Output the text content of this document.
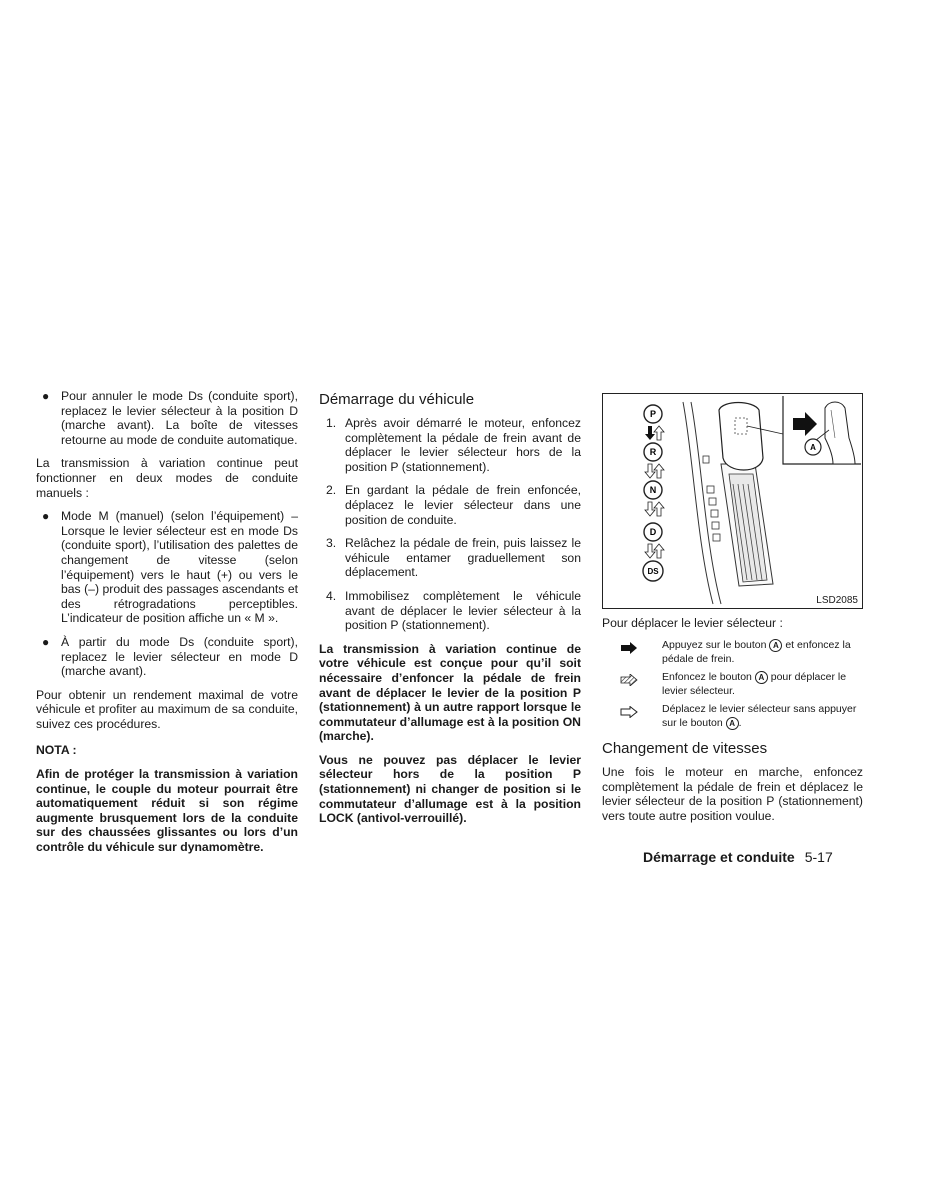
● Pour annuler le mode Ds (conduite sport), replacez le levier sélecteur à la position D (marche avant). La boîte de vitesses retourne au mode de conduite automatique.

La transmission à variation continue peut fonctionner en deux modes de conduite manuels :

● Mode M (manuel) (selon l’équipement) – Lorsque le levier sélecteur est en mode Ds (conduite sport), l’utilisation des palettes de changement de vitesse (selon l’équipement) vers le haut (+) ou vers le bas (–) produit des passages ascendants et des rétrogradations perceptibles. L’indicateur de position affiche un « M ».
● À partir du mode Ds (conduite sport), replacez le levier sélecteur en mode D (marche avant).

Pour obtenir un rendement maximal de votre véhicule et profiter au maximum de sa conduite, suivez ces procédures.

NOTA :

Afin de protéger la transmission à variation continue, le couple du moteur pourrait être automatiquement réduit si son régime augmente brusquement lors de la conduite sur des chaussées glissantes ou lors d’un contrôle du véhicule sur dynamomètre.

Démarrage du véhicule
1. Après avoir démarré le moteur, enfoncez complètement la pédale de frein avant de déplacer le levier sélecteur hors de la position P (stationnement).
2. En gardant la pédale de frein enfoncée, déplacez le levier sélecteur dans une position de conduite.
3. Relâchez la pédale de frein, puis laissez le véhicule entamer graduellement son déplacement.
4. Immobilisez complètement le véhicule avant de déplacer le levier sélecteur à la position P (stationnement).

La transmission à variation continue de votre véhicule est conçue pour qu’il soit nécessaire d’enfoncer la pédale de frein avant de déplacer le levier de la position P (stationnement) à un autre rapport lorsque le commutateur d’allumage est à la position ON (marche).

Vous ne pouvez pas déplacer le levier sélecteur hors de la position P (stationnement) ni changer de position si le commutateur d’allumage est à la position LOCK (antivol-verrouillé).

P
R
N
D
DS
A
LSD2085
Pour déplacer le levier sélecteur :
Appuyez sur le bouton A et enfoncez la pédale de frein.
Enfoncez le bouton A pour déplacer le levier sélecteur.
Déplacez le levier sélecteur sans appuyer sur le bouton A .
Changement de vitesses

Une fois le moteur en marche, enfoncez complètement la pédale de frein et déplacez le levier sélecteur de la position P (stationnement) vers toute autre position voulue.

Démarrage et conduite 5-17
